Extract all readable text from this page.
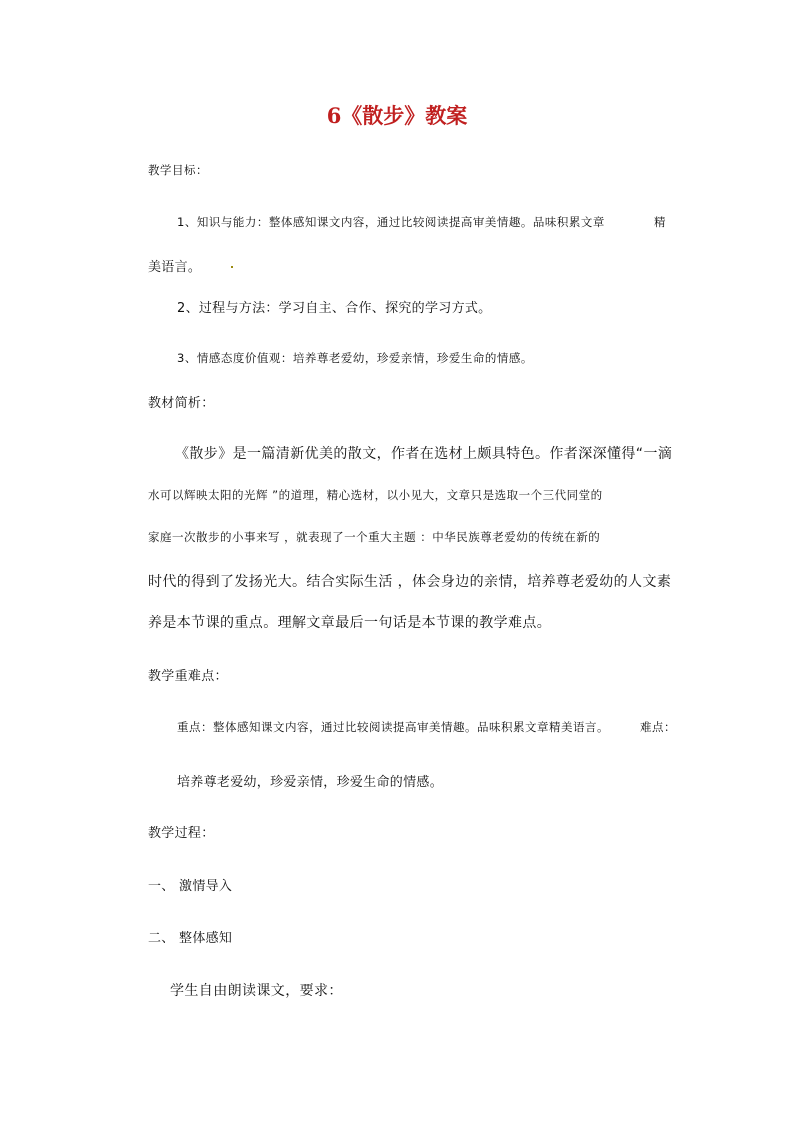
6《散步》教案
教学目标：
1、知识与能力：整体感知课文内容，通过比较阅读提高审美情趣。品味积累文章	精
美语言。
2、过程与方法：学习自主、合作、探究的学习方式。
3、情感态度价值观：培养尊老爱幼，珍爱亲情，珍爱生命的情感。
教材简析：
《散步》是一篇清新优美的散文，作者在选材上颇具特色。作者深深懂得“一滴
水可以辉映太阳的光辉 ”的道理，精心选材，以小见大，文章只是选取一个三代同堂的
家庭一次散步的小事来写 ，就表现了一个重大主题 ：中华民族尊老爱幼的传统在新的
时代的得到了发扬光大。结合实际生活 ，体会身边的亲情，培养尊老爱幼的人文素
养是本节课的重点。理解文章最后一句话是本节课的教学难点。
教学重难点：
重点：整体感知课文内容，通过比较阅读提高审美情趣。品味积累文章精美语言。	难点：
培养尊老爱幼，珍爱亲情，珍爱生命的情感。
教学过程：
一、 激情导入
二、 整体感知
学生自由朗读课文，要求：
